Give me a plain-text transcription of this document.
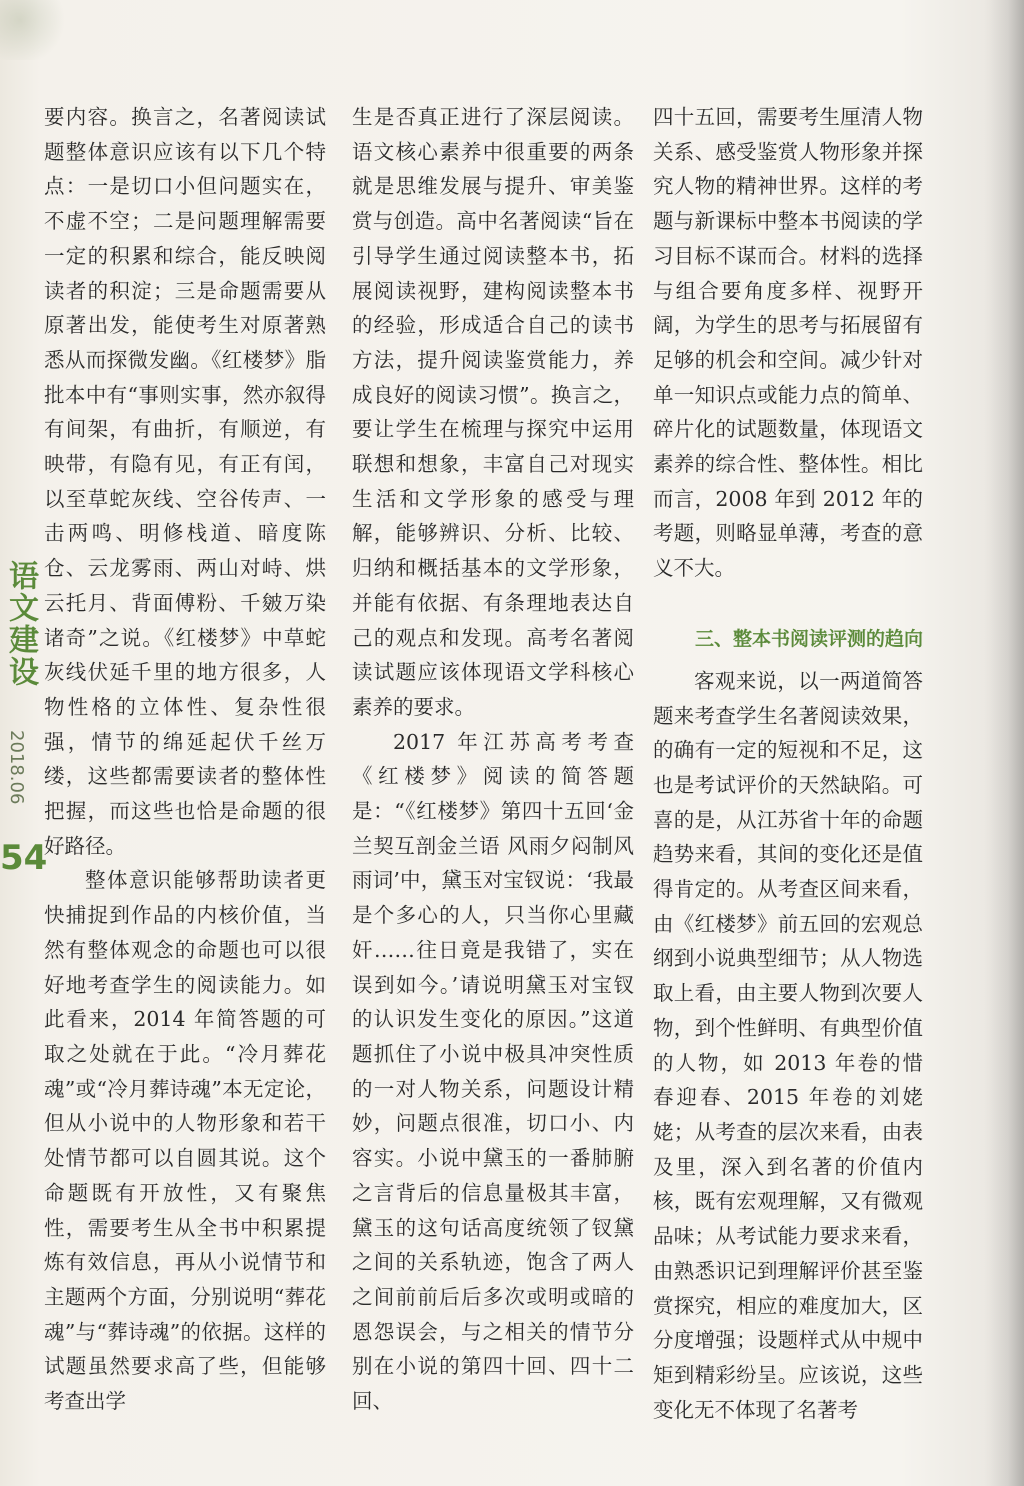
语文建设
2018.06
54

要内容。换言之，名著阅读试题整体意识应该有以下几个特点：一是切口小但问题实在，不虚不空；二是问题理解需要一定的积累和综合，能反映阅读者的积淀；三是命题需要从原著出发，能使考生对原著熟悉从而探微发幽。《红楼梦》脂批本中有“事则实事，然亦叙得有间架，有曲折，有顺逆，有映带，有隐有见，有正有闰，以至草蛇灰线、空谷传声、一击两鸣、明修栈道、暗度陈仓、云龙雾雨、两山对峙、烘云托月、背面傅粉、千皴万染诸奇”之说。《红楼梦》中草蛇灰线伏延千里的地方很多，人物性格的立体性、复杂性很强，情节的绵延起伏千丝万缕，这些都需要读者的整体性把握，而这些也恰是命题的很好路径。

整体意识能够帮助读者更快捕捉到作品的内核价值，当然有整体观念的命题也可以很好地考查学生的阅读能力。如此看来，2014 年简答题的可取之处就在于此。“冷月葬花魂”或“冷月葬诗魂”本无定论，但从小说中的人物形象和若干处情节都可以自圆其说。这个命题既有开放性，又有聚焦性，需要考生从全书中积累提炼有效信息，再从小说情节和主题两个方面，分别说明“葬花魂”与“葬诗魂”的依据。这样的试题虽然要求高了些，但能够考查出学

生是否真正进行了深层阅读。语文核心素养中很重要的两条就是思维发展与提升、审美鉴赏与创造。高中名著阅读“旨在引导学生通过阅读整本书，拓展阅读视野，建构阅读整本书的经验，形成适合自己的读书方法，提升阅读鉴赏能力，养成良好的阅读习惯”。换言之，要让学生在梳理与探究中运用联想和想象，丰富自己对现实生活和文学形象的感受与理解，能够辨识、分析、比较、归纳和概括基本的文学形象，并能有依据、有条理地表达自己的观点和发现。高考名著阅读试题应该体现语文学科核心素养的要求。

2017 年江苏高考考查《红楼梦》阅读的简答题是：“《红楼梦》第四十五回‘金兰契互剖金兰语 风雨夕闷制风雨词’中，黛玉对宝钗说：‘我最是个多心的人，只当你心里藏奸……往日竟是我错了，实在误到如今。’请说明黛玉对宝钗的认识发生变化的原因。”这道题抓住了小说中极具冲突性质的一对人物关系，问题设计精妙，问题点很准，切口小、内容实。小说中黛玉的一番肺腑之言背后的信息量极其丰富，黛玉的这句话高度统领了钗黛之间的关系轨迹，饱含了两人之间前前后后多次或明或暗的恩怨误会，与之相关的情节分别在小说的第四十回、四十二回、

四十五回，需要考生厘清人物关系、感受鉴赏人物形象并探究人物的精神世界。这样的考题与新课标中整本书阅读的学习目标不谋而合。材料的选择与组合要角度多样、视野开阔，为学生的思考与拓展留有足够的机会和空间。减少针对单一知识点或能力点的简单、碎片化的试题数量，体现语文素养的综合性、整体性。相比而言，2008 年到 2012 年的考题，则略显单薄，考查的意义不大。

三、整本书阅读评测的趋向

客观来说，以一两道简答题来考查学生名著阅读效果，的确有一定的短视和不足，这也是考试评价的天然缺陷。可喜的是，从江苏省十年的命题趋势来看，其间的变化还是值得肯定的。从考查区间来看，由《红楼梦》前五回的宏观总纲到小说典型细节；从人物选取上看，由主要人物到次要人物，到个性鲜明、有典型价值的人物，如 2013 年卷的惜春迎春、2015 年卷的刘姥姥；从考查的层次来看，由表及里，深入到名著的价值内核，既有宏观理解，又有微观品味；从考试能力要求来看，由熟悉识记到理解评价甚至鉴赏探究，相应的难度加大，区分度增强；设题样式从中规中矩到精彩纷呈。应该说，这些变化无不体现了名著考
